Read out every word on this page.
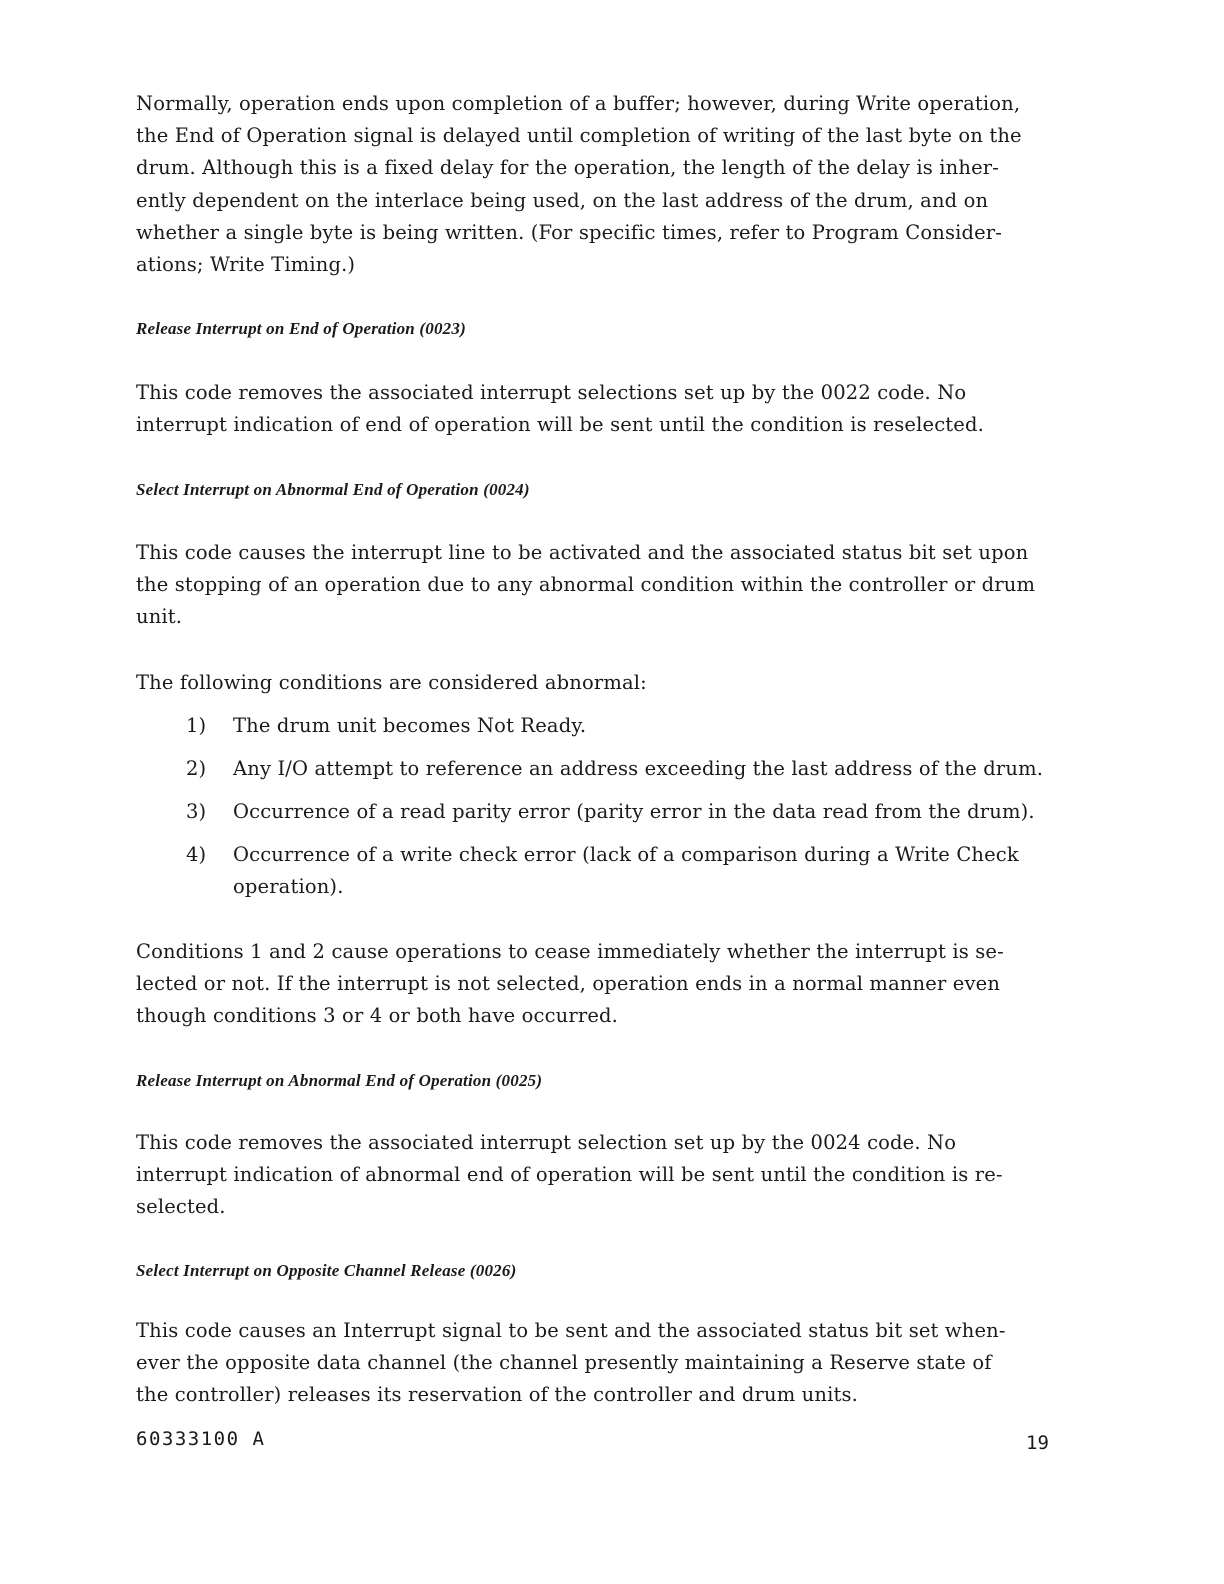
Normally, operation ends upon completion of a buffer; however, during Write operation,
the End of Operation signal is delayed until completion of writing of the last byte on the
drum. Although this is a fixed delay for the operation, the length of the delay is inher-
ently dependent on the interlace being used, on the last address of the drum, and on
whether a single byte is being written. (For specific times, refer to Program Consider-
ations; Write Timing.)

Release Interrupt on End of Operation (0023)

This code removes the associated interrupt selections set up by the 0022 code. No
interrupt indication of end of operation will be sent until the condition is reselected.

Select Interrupt on Abnormal End of Operation (0024)

This code causes the interrupt line to be activated and the associated status bit set upon
the stopping of an operation due to any abnormal condition within the controller or drum
unit.

The following conditions are considered abnormal:

1)	The drum unit becomes Not Ready.
2)	Any I/O attempt to reference an address exceeding the last address of the drum.
3)	Occurrence of a read parity error (parity error in the data read from the drum).
4)	Occurrence of a write check error (lack of a comparison during a Write Check
operation).

Conditions 1 and 2 cause operations to cease immediately whether the interrupt is se-
lected or not. If the interrupt is not selected, operation ends in a normal manner even
though conditions 3 or 4 or both have occurred.

Release Interrupt on Abnormal End of Operation (0025)

This code removes the associated interrupt selection set up by the 0024 code. No
interrupt indication of abnormal end of operation will be sent until the condition is re-
selected.

Select Interrupt on Opposite Channel Release (0026)

This code causes an Interrupt signal to be sent and the associated status bit set when-
ever the opposite data channel (the channel presently maintaining a Reserve state of
the controller) releases its reservation of the controller and drum units.

60333100 A	19
